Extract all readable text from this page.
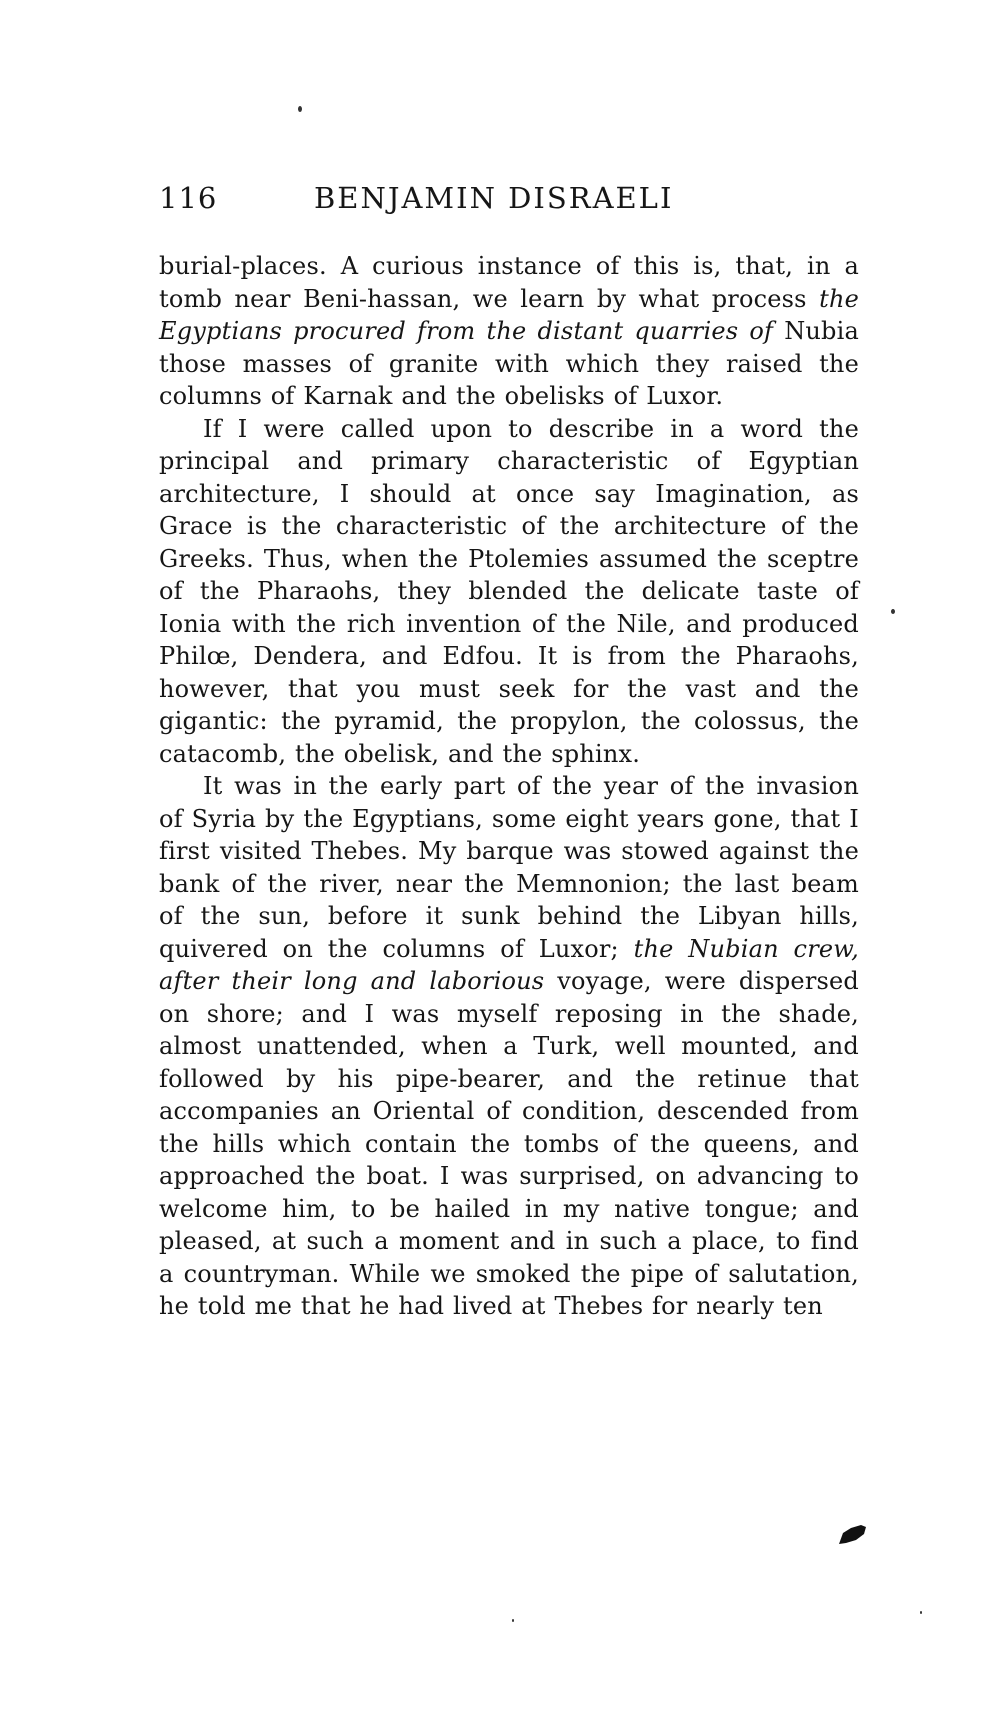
116	BENJAMIN DISRAELI

burial-places. A curious instance of this is, that, in a tomb near Beni-hassan, we learn by what process the Egyptians procured from the distant quarries of Nubia those masses of granite with which they raised the columns of Karnak and the obelisks of Luxor.

If I were called upon to describe in a word the principal and primary characteristic of Egyptian architecture, I should at once say Imagination, as Grace is the characteristic of the architecture of the Greeks. Thus, when the Ptolemies assumed the sceptre of the Pharaohs, they blended the delicate taste of Ionia with the rich invention of the Nile, and produced Philœ, Dendera, and Edfou. It is from the Pharaohs, however, that you must seek for the vast and the gigantic: the pyramid, the propylon, the colossus, the catacomb, the obelisk, and the sphinx.

It was in the early part of the year of the invasion of Syria by the Egyptians, some eight years gone, that I first visited Thebes. My barque was stowed against the bank of the river, near the Memnonion; the last beam of the sun, before it sunk behind the Libyan hills, quivered on the columns of Luxor; the Nubian crew, after their long and laborious voyage, were dispersed on shore; and I was myself reposing in the shade, almost unattended, when a Turk, well mounted, and followed by his pipe-bearer, and the retinue that accompanies an Oriental of condition, descended from the hills which contain the tombs of the queens, and approached the boat. I was surprised, on advancing to welcome him, to be hailed in my native tongue; and pleased, at such a moment and in such a place, to find a countryman. While we smoked the pipe of salutation, he told me that he had lived at Thebes for nearly ten
